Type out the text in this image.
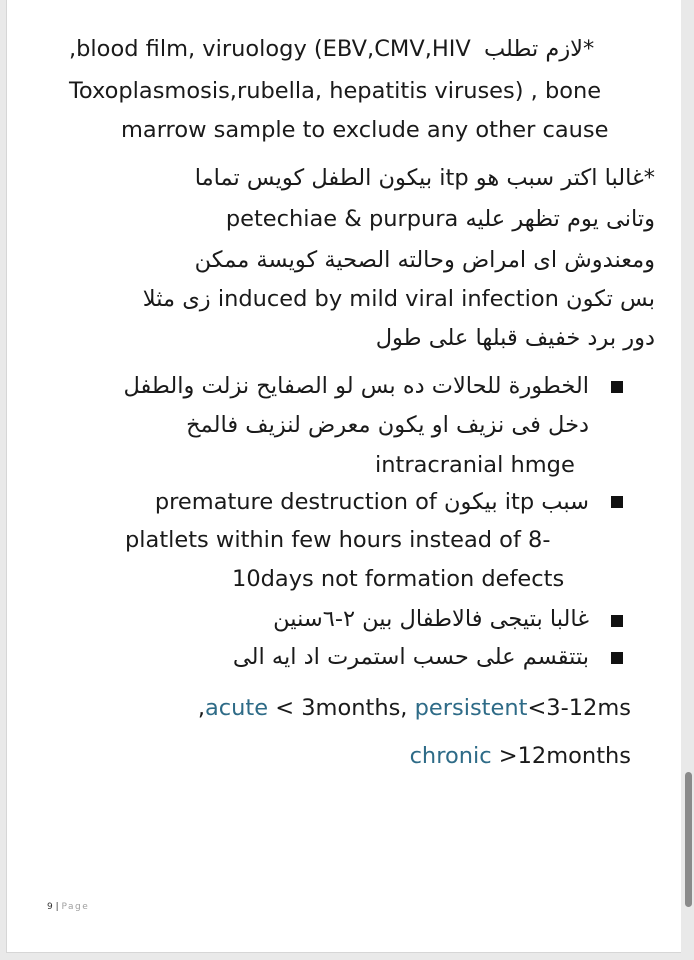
,blood film, viruology (EBV,CMV,HIV *لازم تطلب
Toxoplasmosis,rubella, hepatitis viruses) , bone
marrow sample to exclude any other cause
*غالبا اكتر سبب هو itp بيكون الطفل كويس تماما
وتانى يوم تظهر عليه petechiae & purpura
ومعندوش اى امراض وحالته الصحية كويسة ممكن
بس تكون induced by mild viral infection زى مثلا
دور برد خفيف قبلها على طول
الخطورة للحالات ده بس لو الصفايح نزلت والطفل
دخل فى نزيف او يكون معرض لنزيف فالمخ
intracranial hmge
سبب itp بيكون premature destruction of
platlets within few hours instead of 8-
10days not formation defects
غالبا بتيجى فالاطفال بين ٢-٦سنين
بتتقسم على حسب استمرت اد ايه الى
,acute < 3months, persistent<3-12ms
chronic >12months
9 | Page
